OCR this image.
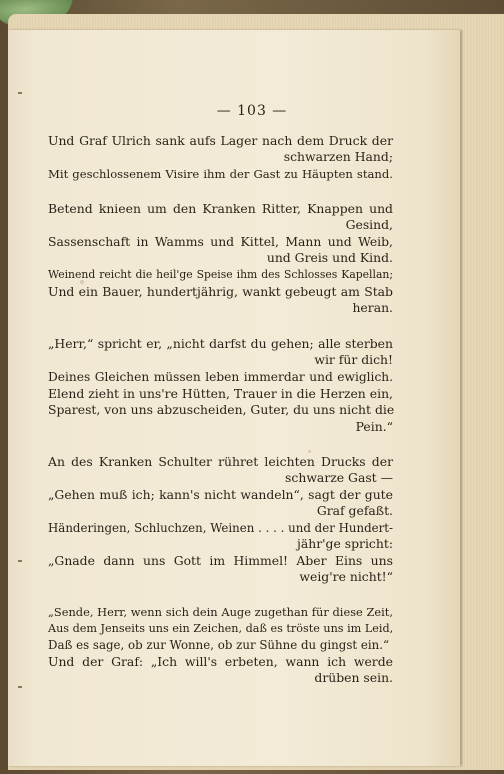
— 103 —
Und Graf Ulrich sank aufs Lager nach dem Druck der
schwarzen Hand;
Mit geschlossenem Visire ihm der Gast zu Häupten stand.
Betend knieen um den Kranken Ritter, Knappen und
Gesind,
Sassenschaft in Wamms und Kittel, Mann und Weib,
und Greis und Kind.
Weinend reicht die heil'ge Speise ihm des Schlosses Kapellan;
Und ein Bauer, hundertjährig, wankt gebeugt am Stab
heran.
„Herr,“ spricht er, „nicht darfst du gehen; alle sterben
wir für dich!
Deines Gleichen müssen leben immerdar und ewiglich.
Elend zieht in uns're Hütten, Trauer in die Herzen ein,
Sparest, von uns abzuscheiden, Guter, du uns nicht die
Pein.“
An des Kranken Schulter rühret leichten Drucks der
schwarze Gast —
„Gehen muß ich; kann's nicht wandeln“, sagt der gute
Graf gefaßt.
Händeringen, Schluchzen, Weinen . . . . und der Hundert-
jähr'ge spricht:
„Gnade dann uns Gott im Himmel! Aber Eins uns
weig're nicht!“
„Sende, Herr, wenn sich dein Auge zugethan für diese Zeit,
Aus dem Jenseits uns ein Zeichen, daß es tröste uns im Leid,
Daß es sage, ob zur Wonne, ob zur Sühne du gingst ein.“
Und der Graf: „Ich will's erbeten, wann ich werde
drüben sein.
